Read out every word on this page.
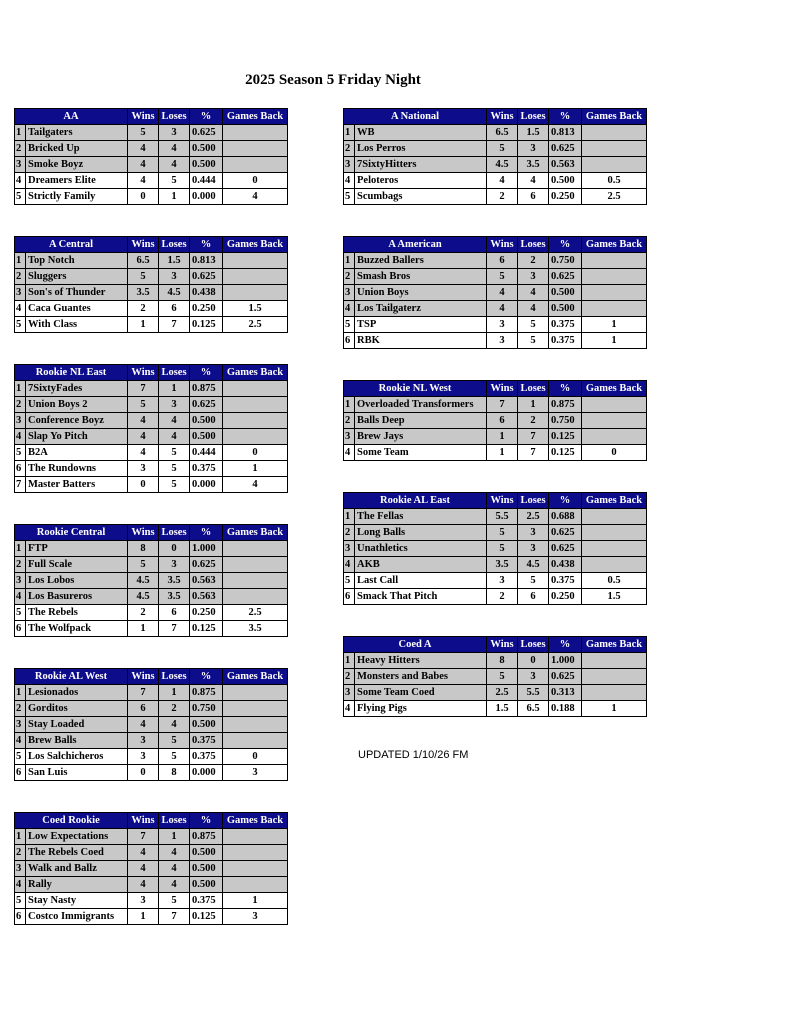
2025 Season 5 Friday Night
UPDATED 1/10/26 FM
AA		Wins	Loses	%	Games Back
1	Tailgaters	5	3	0.625	
2	Bricked Up	4	4	0.500	
3	Smoke Boyz	4	4	0.500	
4	Dreamers Elite	4	5	0.444	0
5	Strictly Family	0	1	0.000	4
A National		Wins	Loses	%	Games Back
1	WB	6.5	1.5	0.813	
2	Los Perros	5	3	0.625	
3	7SixtyHitters	4.5	3.5	0.563	
4	Peloteros	4	4	0.500	0.5
5	Scumbags	2	6	0.250	2.5
A Central		Wins	Loses	%	Games Back
1	Top Notch	6.5	1.5	0.813	
2	Sluggers	5	3	0.625	
3	Son's of Thunder	3.5	4.5	0.438	
4	Caca Guantes	2	6	0.250	1.5
5	With Class	1	7	0.125	2.5
A American		Wins	Loses	%	Games Back
1	Buzzed Ballers	6	2	0.750	
2	Smash Bros	5	3	0.625	
3	Union Boys	4	4	0.500	
4	Los Tailgaterz	4	4	0.500	
5	TSP	3	5	0.375	1
6	RBK	3	5	0.375	1
Rookie NL East		Wins	Loses	%	Games Back
1	7SixtyFades	7	1	0.875	
2	Union Boys 2	5	3	0.625	
3	Conference Boyz	4	4	0.500	
4	Slap Yo Pitch	4	4	0.500	
5	B2A	4	5	0.444	0
6	The Rundowns	3	5	0.375	1
7	Master Batters	0	5	0.000	4
Rookie NL West		Wins	Loses	%	Games Back
1	Overloaded Transformers	7	1	0.875	
2	Balls Deep	6	2	0.750	
3	Brew Jays	1	7	0.125	
4	Some Team	1	7	0.125	0
Rookie AL East		Wins	Loses	%	Games Back
1	The Fellas	5.5	2.5	0.688	
2	Long Balls	5	3	0.625	
3	Unathletics	5	3	0.625	
4	AKB	3.5	4.5	0.438	
5	Last Call	3	5	0.375	0.5
6	Smack That Pitch	2	6	0.250	1.5
Rookie Central		Wins	Loses	%	Games Back
1	FTP	8	0	1.000	
2	Full Scale	5	3	0.625	
3	Los Lobos	4.5	3.5	0.563	
4	Los Basureros	4.5	3.5	0.563	
5	The Rebels	2	6	0.250	2.5
6	The Wolfpack	1	7	0.125	3.5
Coed A		Wins	Loses	%	Games Back
1	Heavy Hitters	8	0	1.000	
2	Monsters and Babes	5	3	0.625	
3	Some Team Coed	2.5	5.5	0.313	
4	Flying Pigs	1.5	6.5	0.188	1
Rookie AL West		Wins	Loses	%	Games Back
1	Lesionados	7	1	0.875	
2	Gorditos	6	2	0.750	
3	Stay Loaded	4	4	0.500	
4	Brew Balls	3	5	0.375	
5	Los Salchicheros	3	5	0.375	0
6	San Luis	0	8	0.000	3
Coed Rookie		Wins	Loses	%	Games Back
1	Low Expectations	7	1	0.875	
2	The Rebels Coed	4	4	0.500	
3	Walk and Ballz	4	4	0.500	
4	Rally	4	4	0.500	
5	Stay Nasty	3	5	0.375	1
6	Costco Immigrants	1	7	0.125	3
